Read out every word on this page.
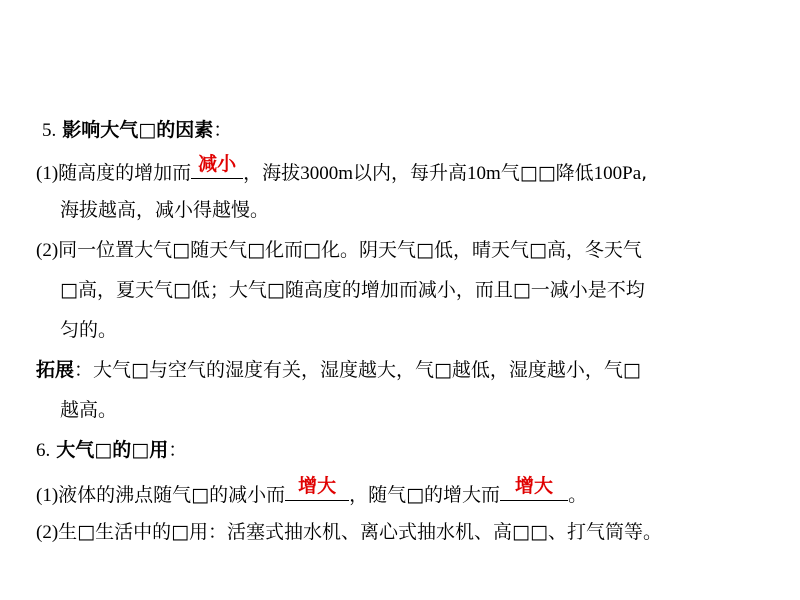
5. 影响大气□的因素：
(1)随高度的增加而 减小 ，海拔3000m以内，每升高10m气□□降低100Pa,
海拔越高，减小得越慢。
(2)同一位置大气□随天气□化而□化。阴天气□低，晴天气□高，冬天气
□高，夏天气□低；大气□随高度的增加而减小，而且□一减小是不均
匀的。
拓展：大气□与空气的湿度有关，湿度越大，气□越低，湿度越小，气□
越高。
6. 大气□的□用：
(1)液体的沸点随气□的减小而 增大 ，随气□的增大而 增大 。
(2)生□生活中的□用：活塞式抽水机、离心式抽水机、高□□、打气筒等。
